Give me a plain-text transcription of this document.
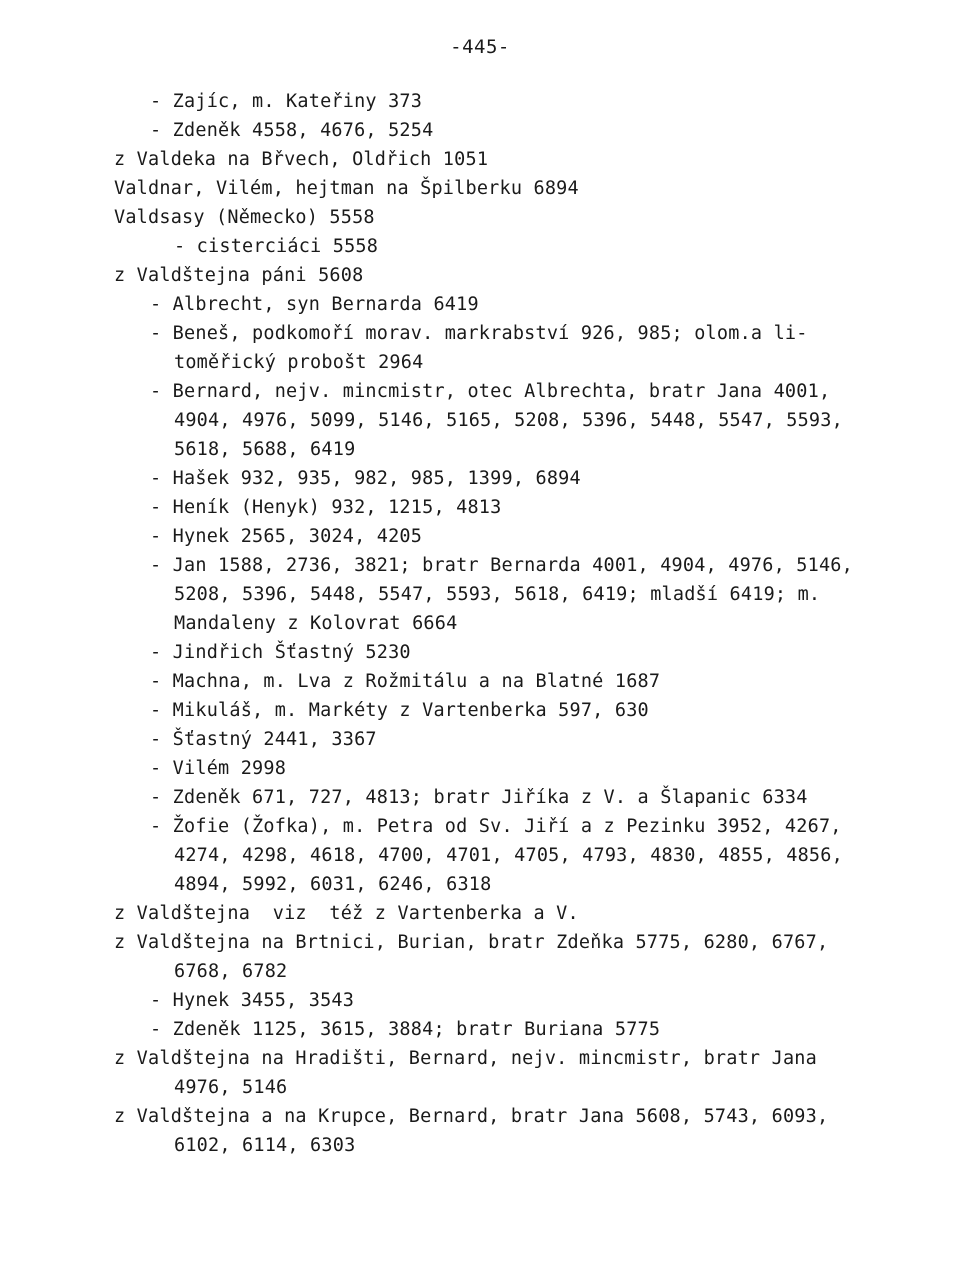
-445-
- Zajíc, m. Kateřiny 373
- Zdeněk 4558, 4676, 5254
z Valdeka na Břvech, Oldřich 1051
Valdnar, Vilém, hejtman na Špilberku 6894
Valdsasy (Německo) 5558
- cisterciáci 5558
z Valdštejna páni 5608
- Albrecht, syn Bernarda 6419
- Beneš, podkomoří morav. markrabství 926, 985; olom.a li-
toměřický probošt 2964
- Bernard, nejv. mincmistr, otec Albrechta, bratr Jana 4001,
4904, 4976, 5099, 5146, 5165, 5208, 5396, 5448, 5547, 5593,
5618, 5688, 6419
- Hašek 932, 935, 982, 985, 1399, 6894
- Heník (Henyk) 932, 1215, 4813
- Hynek 2565, 3024, 4205
- Jan 1588, 2736, 3821; bratr Bernarda 4001, 4904, 4976, 5146,
5208, 5396, 5448, 5547, 5593, 5618, 6419; mladší 6419; m.
Mandaleny z Kolovrat 6664
- Jindřich Šťastný 5230
- Machna, m. Lva z Rožmitálu a na Blatné 1687
- Mikuláš, m. Markéty z Vartenberka 597, 630
- Šťastný 2441, 3367
- Vilém 2998
- Zdeněk 671, 727, 4813; bratr Jiříka z V. a Šlapanic 6334
- Žofie (Žofka), m. Petra od Sv. Jiří a z Pezinku 3952, 4267,
4274, 4298, 4618, 4700, 4701, 4705, 4793, 4830, 4855, 4856,
4894, 5992, 6031, 6246, 6318
z Valdštejna  viz  též z Vartenberka a V.
z Valdštejna na Brtnici, Burian, bratr Zdeňka 5775, 6280, 6767,
6768, 6782
- Hynek 3455, 3543
- Zdeněk 1125, 3615, 3884; bratr Buriana 5775
z Valdštejna na Hradišti, Bernard, nejv. mincmistr, bratr Jana
4976, 5146
z Valdštejna a na Krupce, Bernard, bratr Jana 5608, 5743, 6093,
6102, 6114, 6303
